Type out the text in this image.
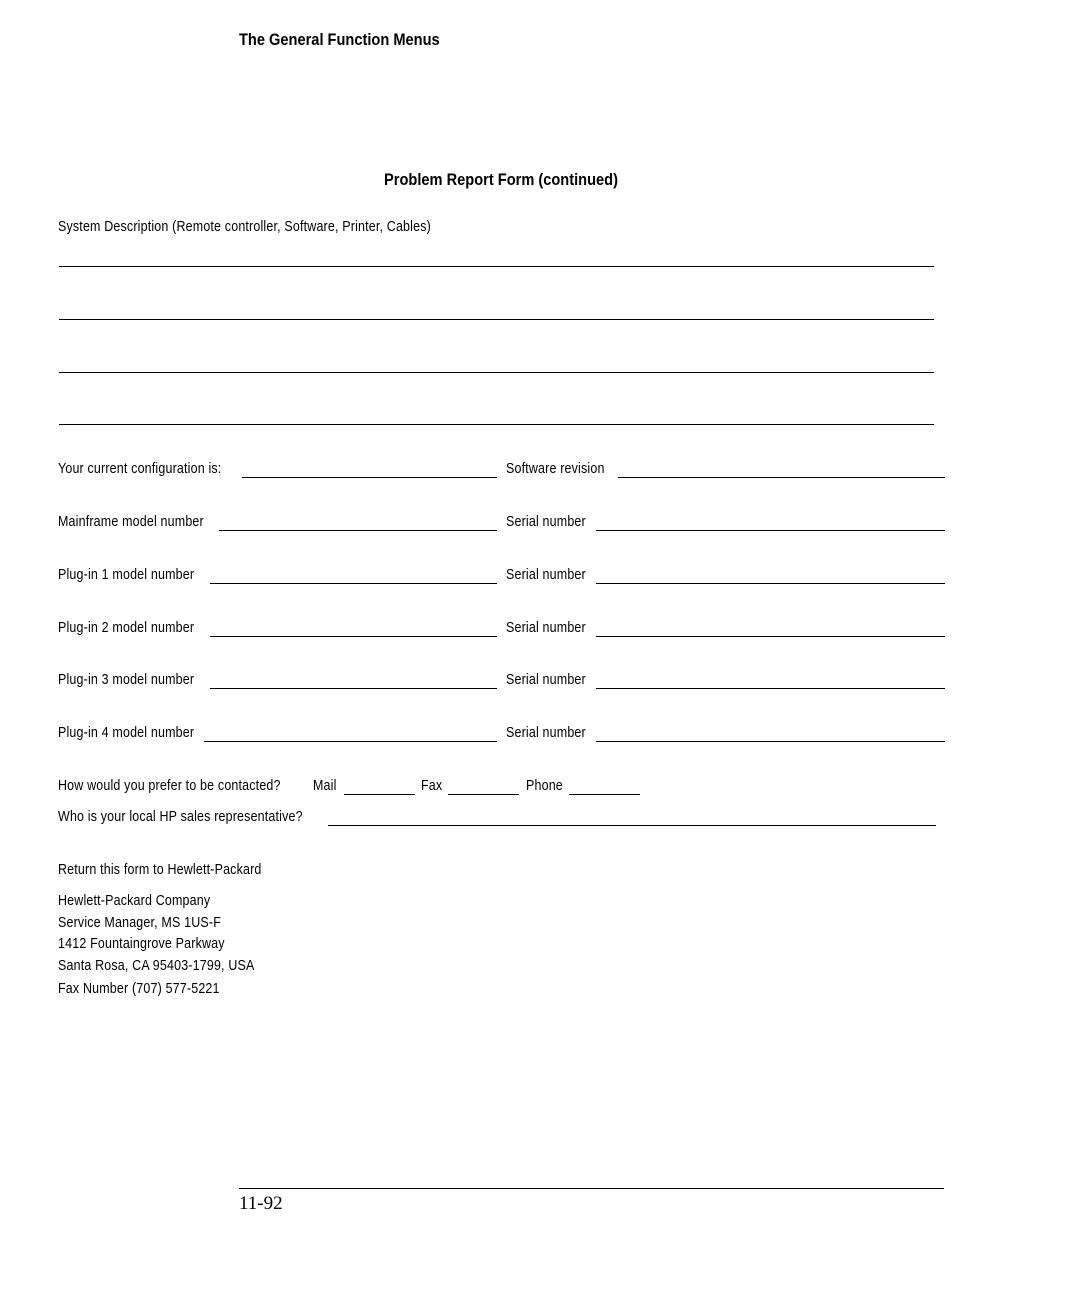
The General Function Menus
Problem Report Form (continued)
System Description (Remote controller, Software, Printer, Cables)
Your current configuration is:	Software revision
Mainframe model number	Serial number
Plug-in 1 model number	Serial number
Plug-in 2 model number	Serial number
Plug-in 3 model number	Serial number
Plug-in 4 model number	Serial number
How would you prefer to be contacted? Mail	Fax	Phone
Who is your local HP sales representative?
Return this form to Hewlett-Packard
Hewlett-Packard Company
Service Manager, MS 1US-F
1412 Fountaingrove Parkway
Santa Rosa, CA 95403-1799, USA
Fax Number (707) 577-5221
11-92
